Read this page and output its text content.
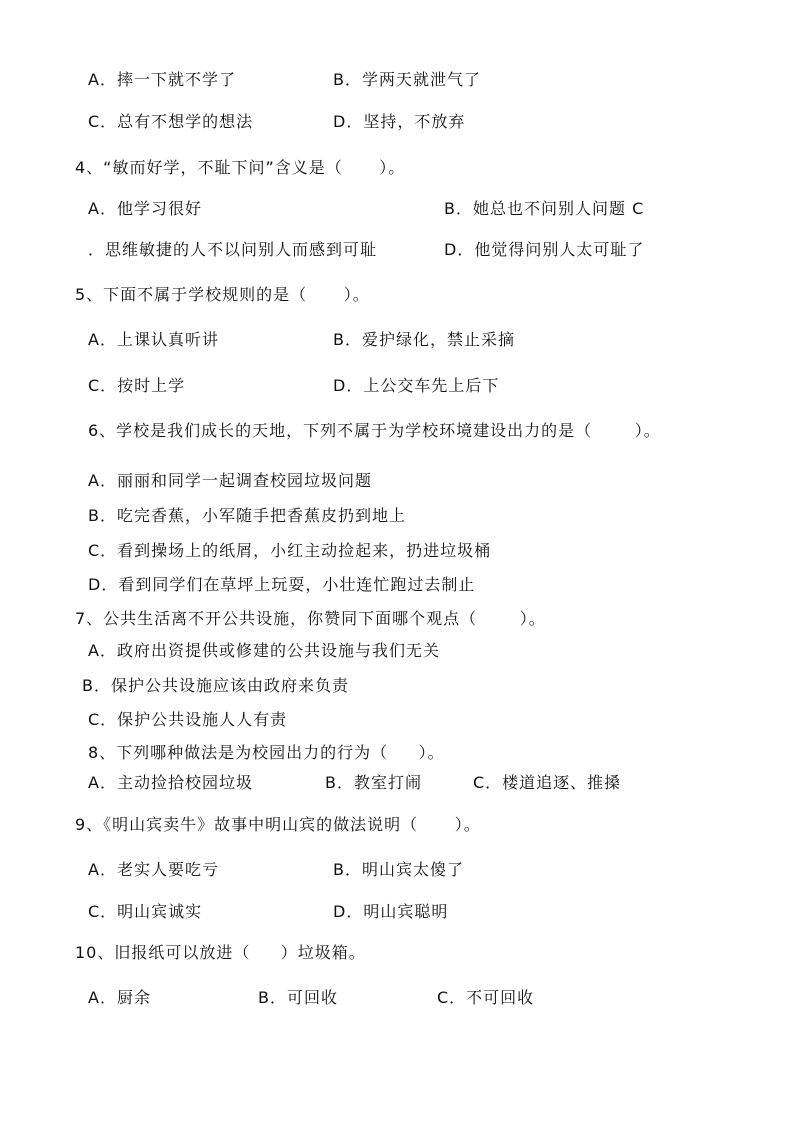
A．摔一下就不学了	B．学两天就泄气了
C．总有不想学的想法	D．坚持，不放弃
4、“敏而好学，不耻下问”含义是（      ）。
A．他学习很好	B．她总也不问别人问题 C
．思维敏捷的人不以问别人而感到可耻	D．他觉得问别人太可耻了
5、下面不属于学校规则的是（      ）。
A．上课认真听讲	B．爱护绿化，禁止采摘
C．按时上学	D．上公交车先上后下
6、学校是我们成长的天地，下列不属于为学校环境建设出力的是（       ）。
A．丽丽和同学一起调查校园垃圾问题
B．吃完香蕉，小军随手把香蕉皮扔到地上
C．看到操场上的纸屑，小红主动捡起来，扔进垃圾桶
D．看到同学们在草坪上玩耍，小壮连忙跑过去制止
7、公共生活离不开公共设施，你赞同下面哪个观点（       ）。
A．政府出资提供或修建的公共设施与我们无关
B．保护公共设施应该由政府来负责
C．保护公共设施人人有责
8、下列哪种做法是为校园出力的行为（     ）。
A．主动捡拾校园垃圾	B．教室打闹	C．楼道追逐、推搡
9、《明山宾卖牛》故事中明山宾的做法说明（      ）。
A．老实人要吃亏	B．明山宾太傻了
C．明山宾诚实	D．明山宾聪明
10、旧报纸可以放进（     ）垃圾箱。
A．厨余	B．可回收	C．不可回收
